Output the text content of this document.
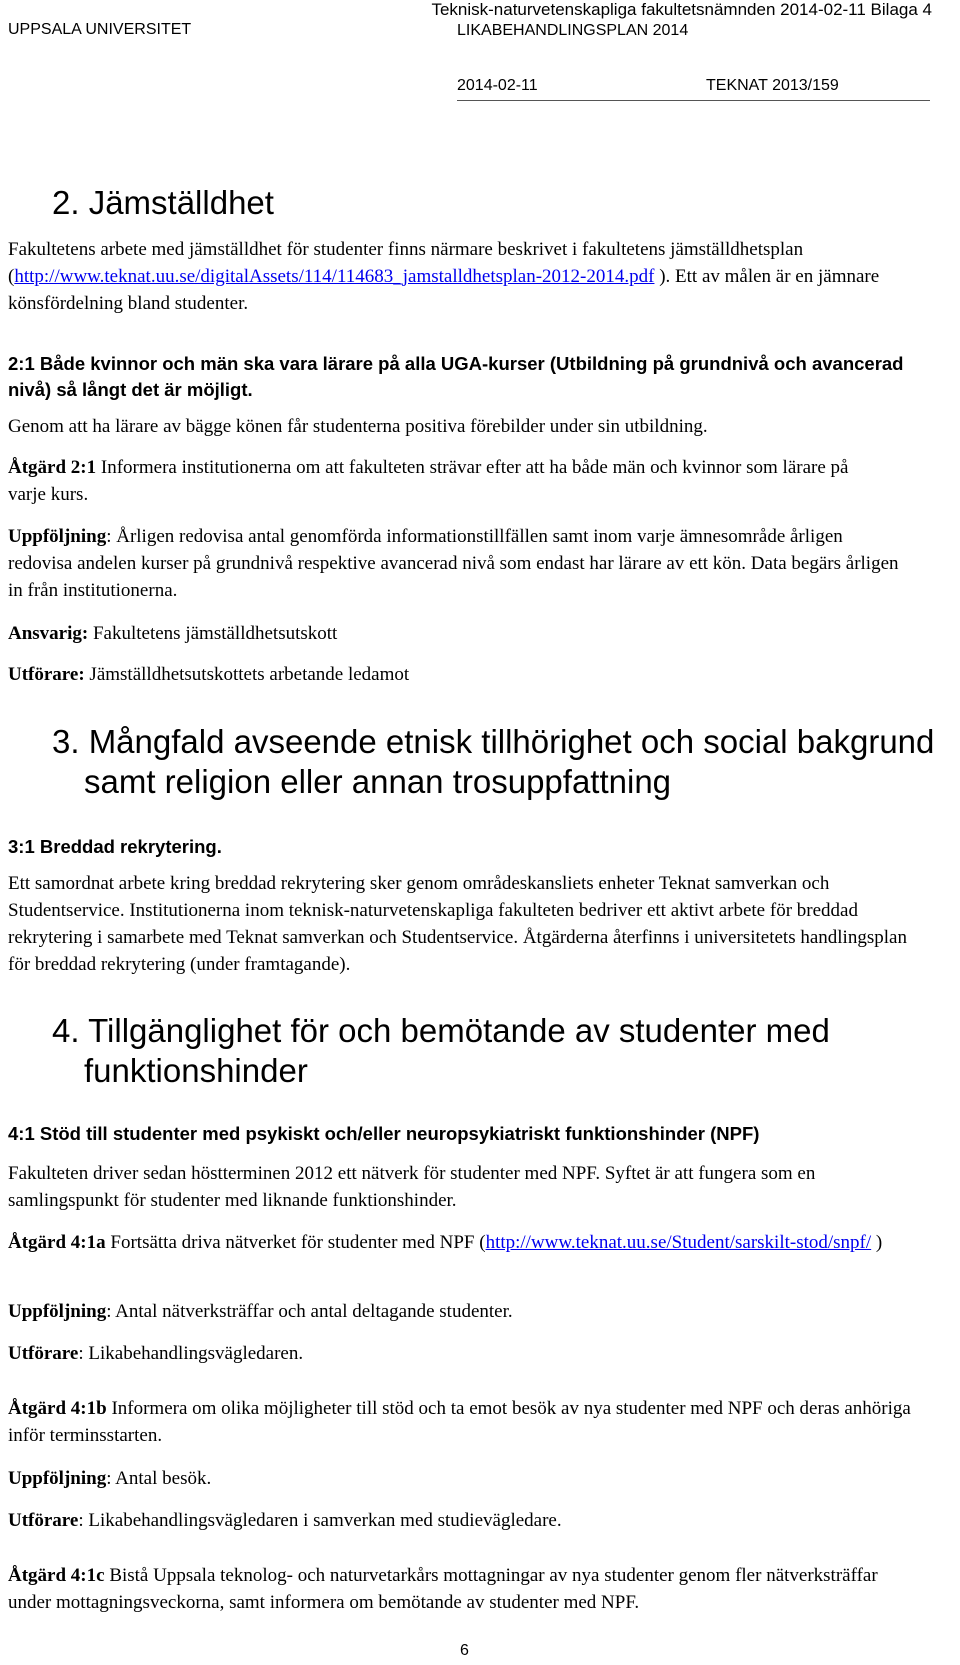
UPPSALA UNIVERSITET
Teknisk-naturvetenskapliga fakultetsnämnden 2014-02-11 Bilaga 4
LIKABEHANDLINGSPLAN 2014
2014-02-11	TEKNAT 2013/159
2. Jämställdhet

Fakultetens arbete med jämställdhet för studenter finns närmare beskrivet i fakultetens jämställdhetsplan (http://www.teknat.uu.se/digitalAssets/114/114683_jamstalldhetsplan-2012-2014.pdf ). Ett av målen är en jämnare könsfördelning bland studenter.

2:1 Både kvinnor och män ska vara lärare på alla UGA-kurser (Utbildning på grundnivå och avancerad nivå) så långt det är möjligt.

Genom att ha lärare av bägge könen får studenterna positiva förebilder under sin utbildning.

Åtgärd 2:1 Informera institutionerna om att fakulteten strävar efter att ha både män och kvinnor som lärare på varje kurs.

Uppföljning: Årligen redovisa antal genomförda informationstillfällen samt inom varje ämnesområde årligen redovisa andelen kurser på grundnivå respektive avancerad nivå som endast har lärare av ett kön. Data begärs årligen in från institutionerna.

Ansvarig: Fakultetens jämställdhetsutskott

Utförare: Jämställdhetsutskottets arbetande ledamot

3. Mångfald avseende etnisk tillhörighet och social bakgrund
samt religion eller annan trosuppfattning

3:1 Breddad rekrytering.

Ett samordnat arbete kring breddad rekrytering sker genom områdeskansliets enheter Teknat samverkan och Studentservice. Institutionerna inom teknisk-naturvetenskapliga fakulteten bedriver ett aktivt arbete för breddad rekrytering i samarbete med Teknat samverkan och Studentservice. Åtgärderna återfinns i universitetets handlingsplan för breddad rekrytering (under framtagande).

4. Tillgänglighet för och bemötande av studenter med
funktionshinder

4:1 Stöd till studenter med psykiskt och/eller neuropsykiatriskt funktionshinder (NPF)

Fakulteten driver sedan höstterminen 2012 ett nätverk för studenter med NPF. Syftet är att fungera som en samlingspunkt för studenter med liknande funktionshinder.

Åtgärd 4:1a Fortsätta driva nätverket för studenter med NPF (http://www.teknat.uu.se/Student/sarskilt-stod/snpf/ )

Uppföljning: Antal nätverksträffar och antal deltagande studenter.

Utförare: Likabehandlingsvägledaren.

Åtgärd 4:1b Informera om olika möjligheter till stöd och ta emot besök av nya studenter med NPF och deras anhöriga inför terminsstarten.

Uppföljning: Antal besök.

Utförare: Likabehandlingsvägledaren i samverkan med studievägledare.

Åtgärd 4:1c Bistå Uppsala teknolog- och naturvetarkårs mottagningar av nya studenter genom fler nätverksträffar under mottagningsveckorna, samt informera om bemötande av studenter med NPF.

6
